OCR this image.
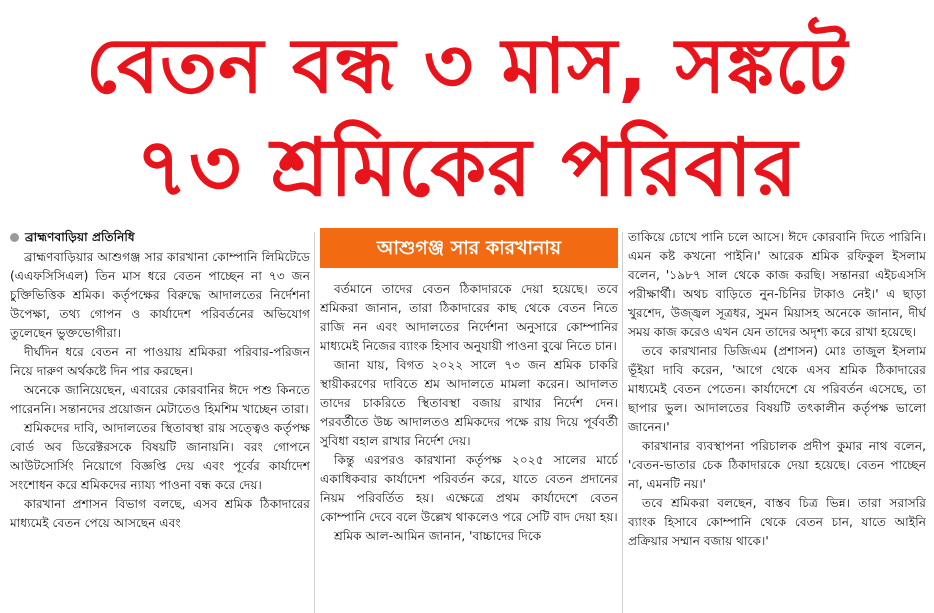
বেতন বন্ধ ৩ মাস, সঙ্কটে
৭৩ শ্রমিকের পরিবার
ব্রাহ্মণবাড়িয়া প্রতিনিধি

ব্রাহ্মণবাড়িয়ার আশুগঞ্জ সার কারখানা কোম্পানি লিমিটেডে (এএফসিসিএল) তিন মাস ধরে বেতন পাচ্ছেন না ৭৩ জন চুক্তিভিত্তিক শ্রমিক। কর্তৃপক্ষের বিরুদ্ধে আদালতের নির্দেশনা উপেক্ষা, তথ্য গোপন ও কার্যাদেশ পরিবর্তনের অভিযোগ তুলেছেন ভুক্তভোগীরা।

দীর্ঘদিন ধরে বেতন না পাওয়ায় শ্রমিকরা পরিবার-পরিজন নিয়ে দারুণ অর্থকষ্টে দিন পার করছেন।

অনেকে জানিয়েছেন, এবারের কোরবানির ঈদে পশু কিনতে পারেননি। সন্তানদের প্রয়োজন মেটাতেও হিমশিম খাচ্ছেন তারা।

শ্রমিকদের দাবি, আদালতের স্থিতাবস্থা রায় সত্ত্বেও কর্তৃপক্ষ বোর্ড অব ডিরেক্টরসকে বিষয়টি জানায়নি। বরং গোপনে আউটসোর্সিং নিয়োগে বিজ্ঞপ্তি দেয় এবং পূর্বের কার্যাদেশ সংশোধন করে শ্রমিকদের ন্যায্য পাওনা বন্ধ করে দেয়।

কারখানা প্রশাসন বিভাগ বলছে, এসব শ্রমিক ঠিকাদারের মাধ্যমেই বেতন পেয়ে আসছেন এবং

আশুগঞ্জ সার কারখানায়

বর্তমানে তাদের বেতন ঠিকাদারকে দেয়া হয়েছে। তবে শ্রমিকরা জানান, তারা ঠিকাদারের কাছ থেকে বেতন নিতে রাজি নন এবং আদালতের নির্দেশনা অনুসারে কোম্পানির মাধ্যমেই নিজের ব্যাংক হিসাব অনুযায়ী পাওনা বুঝে নিতে চান।

জানা যায়, বিগত ২০২২ সালে ৭৩ জন শ্রমিক চাকরি স্থায়ীকরণের দাবিতে শ্রম আদালতে মামলা করেন। আদালত তাদের চাকরিতে স্থিতাবস্থা বজায় রাখার নির্দেশ দেন। পরবর্তীতে উচ্চ আদালতও শ্রমিকদের পক্ষে রায় দিয়ে পূর্ববর্তী সুবিধা বহাল রাখার নির্দেশ দেয়।

কিন্তু এরপরও কারখানা কর্তৃপক্ষ ২০২৫ সালের মার্চে একাধিকবার কার্যাদেশ পরিবর্তন করে, যাতে বেতন প্রদানের নিয়ম পরিবর্তিত হয়। এক্ষেত্রে প্রথম কার্যাদেশে বেতন কোম্পানি দেবে বলে উল্লেখ থাকলেও পরে সেটি বাদ দেয়া হয়।

শ্রমিক আল-আমিন জানান, 'বাচ্চাদের দিকে

তাকিয়ে চোখে পানি চলে আসে। ঈদে কোরবানি দিতে পারিনি। এমন কষ্ট কখনো পাইনি।' আরেক শ্রমিক রফিকুল ইসলাম বলেন, '১৯৮৭ সাল থেকে কাজ করছি। সন্তানরা এইচএসসি পরীক্ষার্থী। অথচ বাড়িতে নুন-চিনির টাকাও নেই।' এ ছাড়া খুরশেদ, উজ্জ্বল সূত্রধর, সুমন মিয়াসহ অনেকে জানান, দীর্ঘ সময় কাজ করেও এখন যেন তাদের অদৃশ্য করে রাখা হয়েছে।

তবে কারখানার ডিজিএম (প্রশাসন) মোঃ তাজুল ইসলাম ভূঁইয়া দাবি করেন, 'আগে থেকে এসব শ্রমিক ঠিকাদারের মাধ্যমেই বেতন পেতেন। কার্যাদেশে যে পরিবর্তন এসেছে, তা ছাপার ভুল। আদালতের বিষয়টি তৎকালীন কর্তৃপক্ষ ভালো জানেন।'

কারখানার ব্যবস্থাপনা পরিচালক প্রদীপ কুমার নাথ বলেন, 'বেতন-ভাতার চেক ঠিকাদারকে দেয়া হয়েছে। বেতন পাচ্ছেন না, এমনটি নয়।'

তবে শ্রমিকরা বলছেন, বাস্তব চিত্র ভিন্ন। তারা সরাসরি ব্যাংক হিসাবে কোম্পানি থেকে বেতন চান, যাতে আইনি প্রক্রিয়ার সম্মান বজায় থাকে।'
